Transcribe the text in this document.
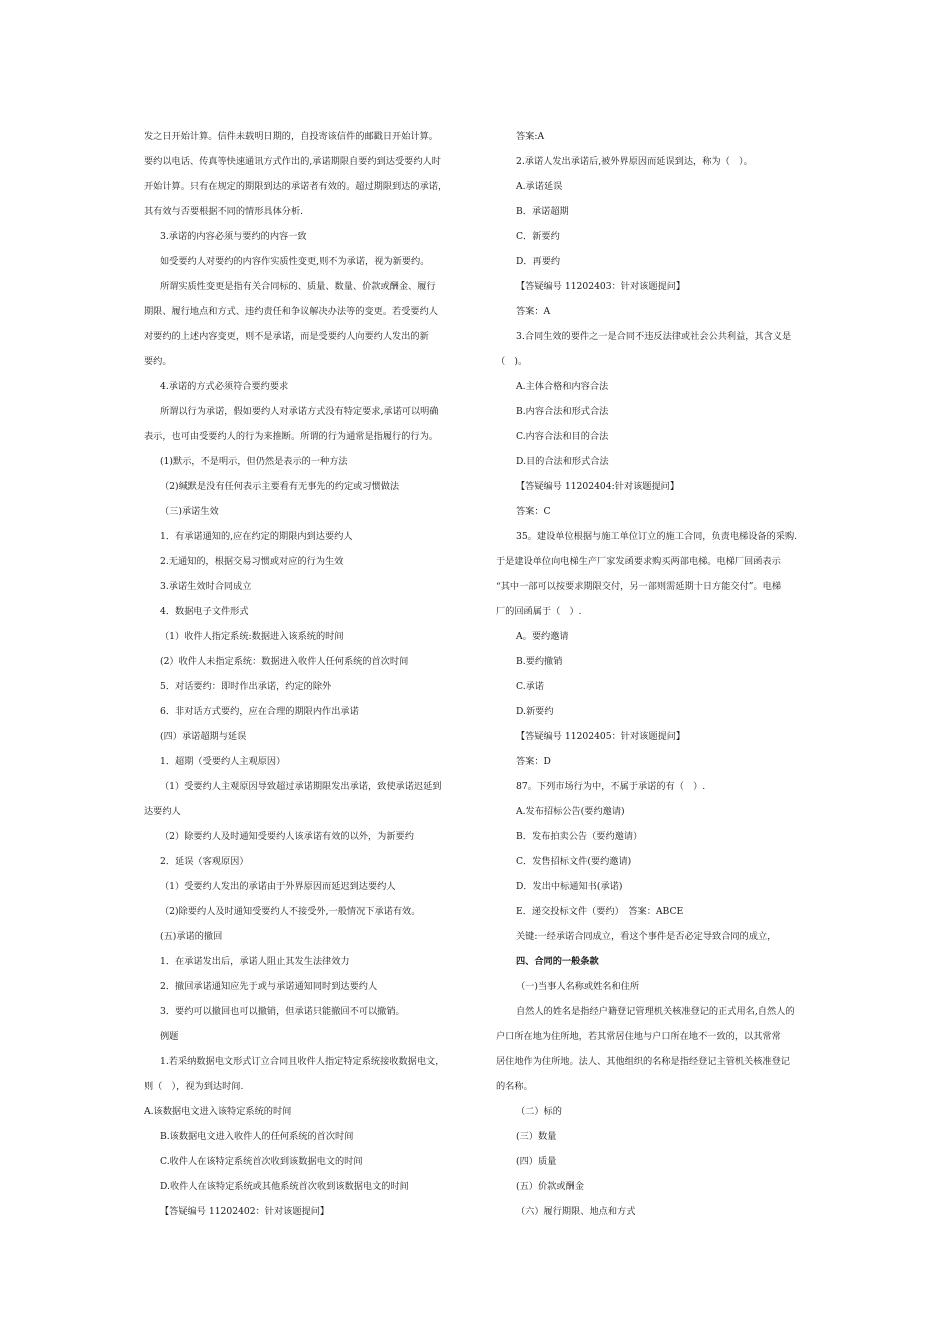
发之日开始计算。信件未载明日期的，自投寄该信件的邮戳日开始计算。
要约以电话、传真等快速通讯方式作出的,承诺期限自要约到达受要约人时
开始计算。只有在规定的期限到达的承诺者有效的。超过期限到达的承诺，
其有效与否要根据不同的情形具体分析.
3.承诺的内容必须与要约的内容一致
如受要约人对要约的内容作实质性变更,则不为承诺，视为新要约。
所谓实质性变更是指有关合同标的、质量、数量、价款或酬金、履行
期限、履行地点和方式、违约责任和争议解决办法等的变更。若受要约人
对要约的上述内容变更，则不是承诺，而是受要约人向要约人发出的新
要约。
4.承诺的方式必须符合要约要求
所谓以行为承诺，假如要约人对承诺方式没有特定要求,承诺可以明确
表示，也可由受要约人的行为来推断。所谓的行为通常是指履行的行为。
(1)默示，不是明示，但仍然是表示的一种方法
（2)缄默是没有任何表示主要看有无事先的约定或习惯做法
（三)承诺生效
1．有承诺通知的,应在约定的期限内到达要约人
2.无通知的，根据交易习惯或对应的行为生效
3.承诺生效时合同成立
4．数据电子文件形式
（1）收件人指定系统:数据进入该系统的时间
(2）收件人未指定系统：数据进入收件人任何系统的首次时间
5．对话要约：即时作出承诺，约定的除外
6．非对话方式要约，应在合理的期限内作出承诺
(四）承诺超期与延误
1．超期（受要约人主观原因）
（1）受要约人主观原因导致超过承诺期限发出承诺，致使承诺迟延到
达要约人
（2）除要约人及时通知受要约人该承诺有效的以外，为新要约
2．延误（客观原因）
（1）受要约人发出的承诺由于外界原因而延迟到达要约人
（2)除要约人及时通知受要约人不接受外,一般情况下承诺有效。
(五)承诺的撤回
1．在承诺发出后，承诺人阻止其发生法律效力
2．撤回承诺通知应先于或与承诺通知同时到达要约人
3．要约可以撤回也可以撤销，但承诺只能撤回不可以撤销。
例题
1.若采纳数据电文形式订立合同且收件人指定特定系统接收数据电文，
则（　），视为到达时间.
A.该数据电文进入该特定系统的时间
B.该数据电文进入收件人的任何系统的首次时间
C.收件人在该特定系统首次收到该数据电文的时间
D.收件人在该特定系统或其他系统首次收到该数据电文的时间
【答疑编号 11202402：针对该题提问】
答案:A
2.承诺人发出承诺后,被外界原因而延误到达，称为（　）。
A.承诺延误
B．承诺超期
C．新要约
D．再要约
【答疑编号 11202403：针对该题提问】
答案：A
3.合同生效的要件之一是合同不违反法律或社会公共利益，其含义是
（　)。
A.主体合格和内容合法
B.内容合法和形式合法
C.内容合法和目的合法
D.目的合法和形式合法
【答疑编号 11202404:针对该题提问】
答案：C
35。建设单位根据与施工单位订立的施工合同，负责电梯设备的采购.
于是建设单位向电梯生产厂家发函要求购买两部电梯。电梯厂回函表示
“其中一部可以按要求期限交付，另一部则需延期十日方能交付”。电梯
厂的回函属于（　）.
A。要约邀请
B.要约撤销
C.承诺
D.新要约
【答疑编号 11202405：针对该题提问】
答案：D
87。下列市场行为中，不属于承诺的有（　）.
A.发布招标公告(要约邀请)
B．发布拍卖公告（要约邀请）
C．发售招标文件(要约邀请)
D．发出中标通知书(承诺)
E．递交投标文件（要约）　答案：ABCE
关键:一经承诺合同成立，看这个事件是否必定导致合同的成立，
四、合同的一般条款
（一)当事人名称或姓名和住所
自然人的姓名是指经户籍登记管理机关核准登记的正式用名,自然人的
户口所在地为住所地，若其常居住地与户口所在地不一致的，以其常常
居住地作为住所地。法人、其他组织的名称是指经登记主管机关核准登记
的名称。
（二）标的
(三）数量
(四）质量
(五）价款或酬金
（六）履行期限、地点和方式
